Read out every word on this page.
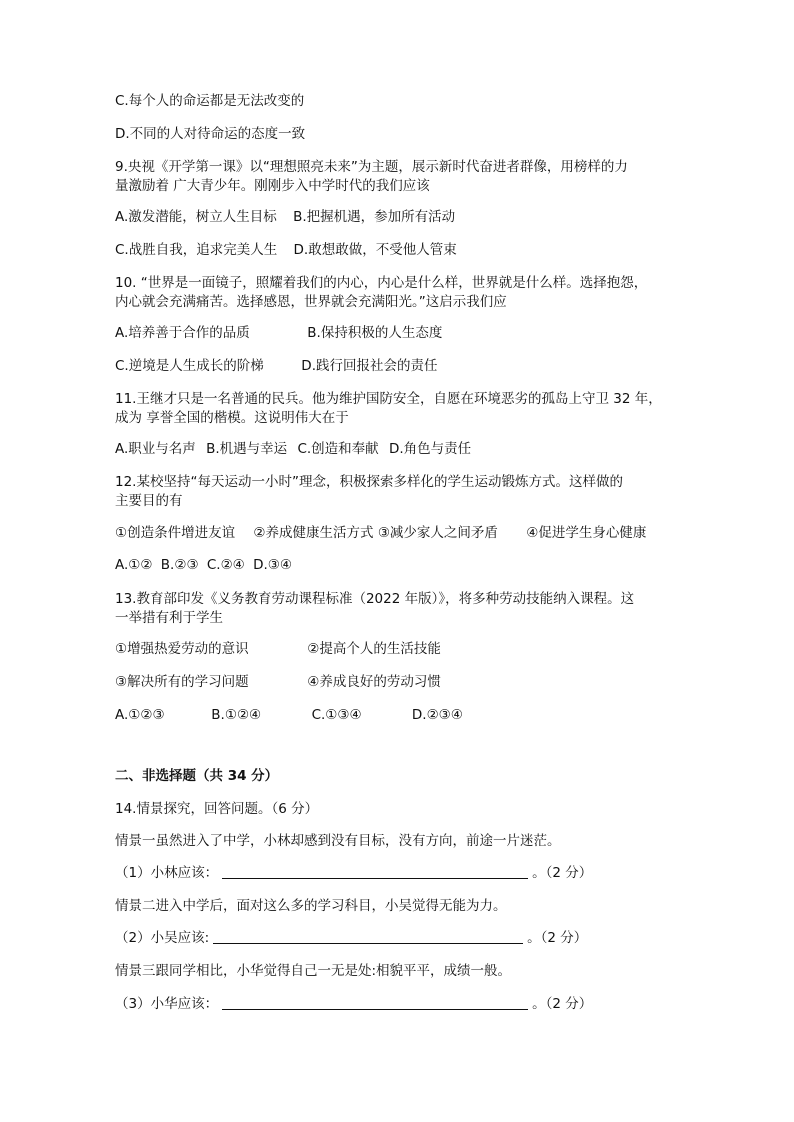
C.每个人的命运都是无法改变的
D.不同的人对待命运的态度一致
9.央视《开学第一课》以“理想照亮未来”为主题，展示新时代奋进者群像，用榜样的力
量激励着 广大青少年。刚刚步入中学时代的我们应该
A.激发潜能，树立人生目标 B.把握机遇，参加所有活动
C.战胜自我，追求完美人生 D.敢想敢做，不受他人管束
10. “世界是一面镜子，照耀着我们的内心，内心是什么样，世界就是什么样。选择抱怨，
内心就会充满痛苦。选择感恩，世界就会充满阳光。”这启示我们应
A.培养善于合作的品质	B.保持积极的人生态度
C.逆境是人生成长的阶梯	D.践行回报社会的责任
11.王继才只是一名普通的民兵。他为维护国防安全，自愿在环境恶劣的孤岛上守卫 32 年，
成为 享誉全国的楷模。这说明伟大在于
A.职业与名声 B.机遇与幸运 C.创造和奉献 D.角色与责任
12.某校坚持“每天运动一小时”理念，积极探索多样化的学生运动锻炼方式。这样做的
主要目的有
①创造条件增进友谊 ②养成健康生活方式 ③减少家人之间矛盾 ④促进学生身心健康
A.①② B.②③ C.②④ D.③④
13.教育部印发《义务教育劳动课程标准（2022 年版）》，将多种劳动技能纳入课程。这
一举措有利于学生
①增强热爱劳动的意识	②提高个人的生活技能
③解决所有的学习问题	④养成良好的劳动习惯
A.①②③	B.①②④	C.①③④	D.②③④
二、非选择题（共 34 分）
14.情景探究，回答问题。（6 分）
情景一虽然进入了中学，小林却感到没有目标，没有方向，前途一片迷茫。
（1）小林应该：	。（2 分）
情景二进入中学后，面对这么多的学习科目，小吴觉得无能为力。
（2）小吴应该:	。（2 分）
情景三跟同学相比，小华觉得自己一无是处:相貌平平，成绩一般。
（3）小华应该：	。（2 分）
